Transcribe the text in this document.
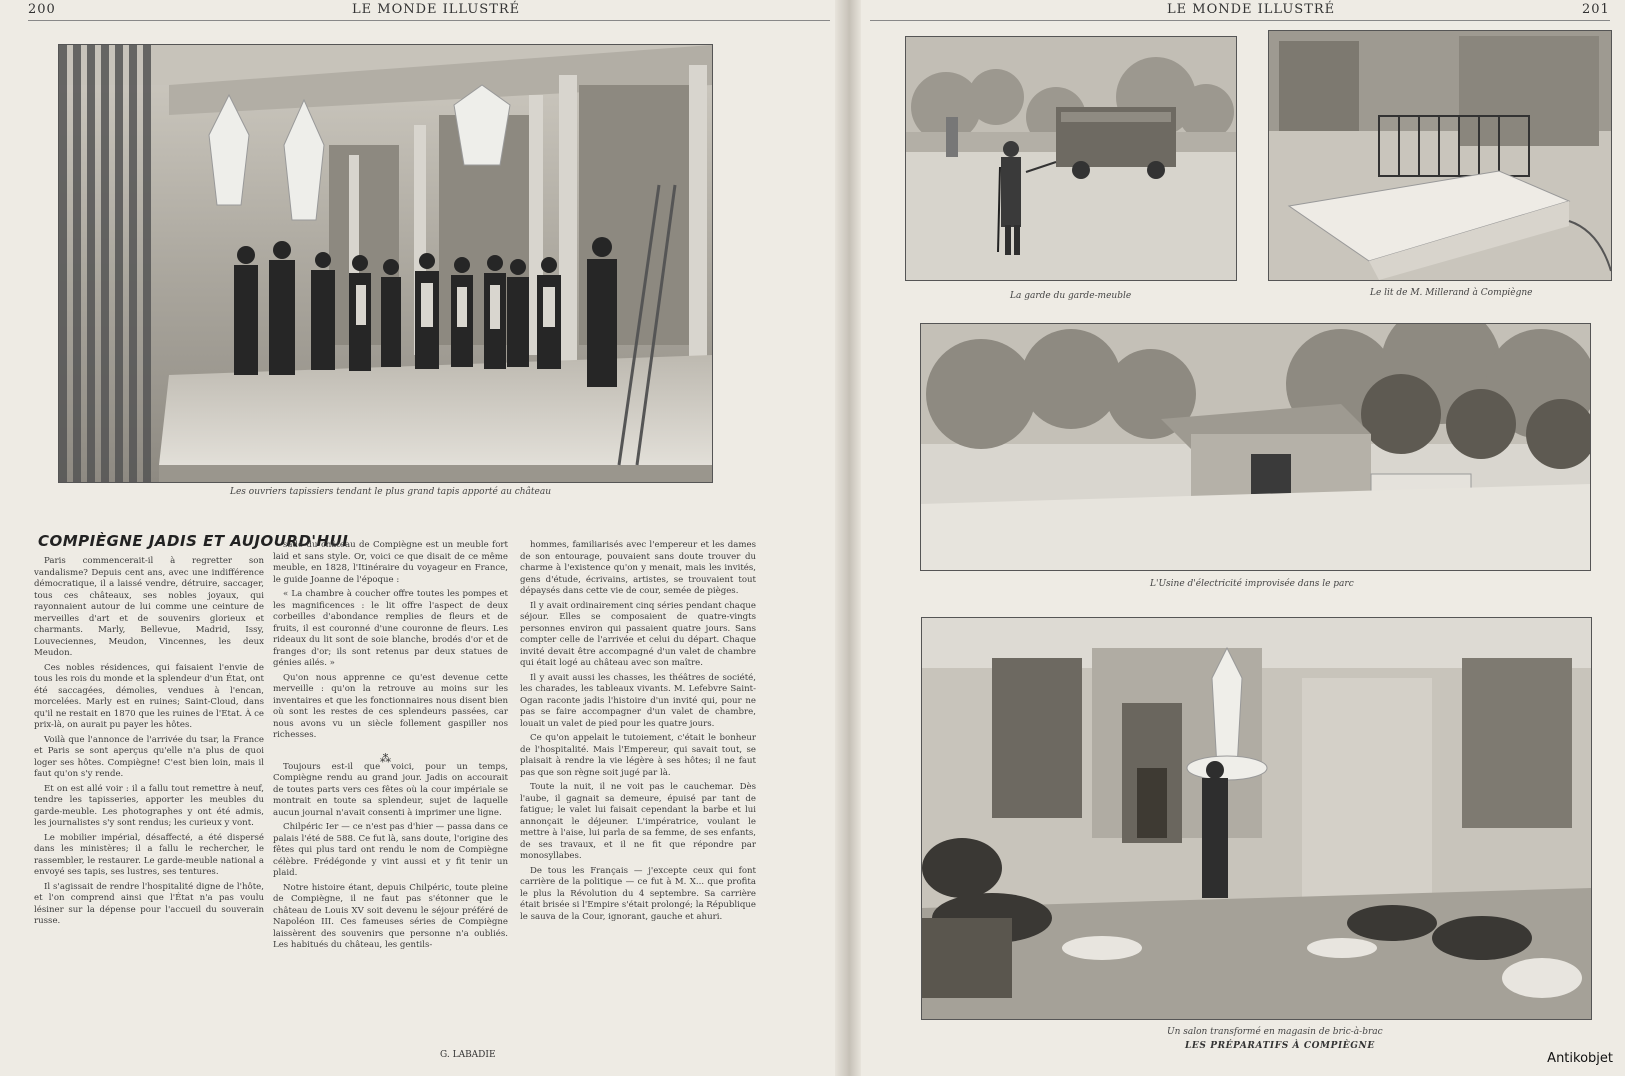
200	LE MONDE ILLUSTRÉ
Les ouvriers tapissiers tendant le plus grand tapis apporté au château
COMPIÈGNE JADIS ET AUJOURD'HUI

Paris commencerait-il à regretter son vandalisme? Depuis cent ans, avec une indifférence démocratique, il a laissé vendre, détruire, saccager, tous ces châteaux, ses nobles joyaux, qui rayonnaient autour de lui comme une ceinture de merveilles d'art et de souvenirs glorieux et charmants. Marly, Bellevue, Madrid, Issy, Louveciennes, Meudon, Vincennes, les deux Meudon.

Ces nobles résidences, qui faisaient l'envie de tous les rois du monde et la splendeur d'un État, ont été saccagées, démolies, vendues à l'encan, morcelées. Marly est en ruines; Saint-Cloud, dans qu'il ne restait en 1870 que les ruines de l'Etat. À ce prix-là, on aurait pu payer les hôtes.

Voilà que l'annonce de l'arrivée du tsar, la France et Paris se sont aperçus qu'elle n'a plus de quoi loger ses hôtes. Compiègne! C'est bien loin, mais il faut qu'on s'y rende.

Et on est allé voir : il a fallu tout remettre à neuf, tendre les tapisseries, apporter les meubles du garde-meuble. Les photographes y ont été admis, les journalistes s'y sont rendus; les curieux y vont.

Le mobilier impérial, désaffecté, a été dispersé dans les ministères; il a fallu le rechercher, le rassembler, le restaurer. Le garde-meuble national a envoyé ses tapis, ses lustres, ses tentures.

Il s'agissait de rendre l'hospitalité digne de l'hôte, et l'on comprend ainsi que l'État n'a pas voulu lésiner sur la dépense pour l'accueil du souverain russe.

sade du château de Compiègne est un meuble fort laid et sans style. Or, voici ce que disait de ce même meuble, en 1828, l'Itinéraire du voyageur en France, le guide Joanne de l'époque :

« La chambre à coucher offre toutes les pompes et les magnificences : le lit offre l'aspect de deux corbeilles d'abondance remplies de fleurs et de fruits, il est couronné d'une couronne de fleurs. Les rideaux du lit sont de soie blanche, brodés d'or et de franges d'or; ils sont retenus par deux statues de génies ailés. »

Qu'on nous apprenne ce qu'est devenue cette merveille : qu'on la retrouve au moins sur les inventaires et que les fonctionnaires nous disent bien où sont les restes de ces splendeurs passées, car nous avons vu un siècle follement gaspiller nos richesses.

Toujours est-il que voici, pour un temps, Compiègne rendu au grand jour. Jadis on accourait de toutes parts vers ces fêtes où la cour impériale se montrait en toute sa splendeur, sujet de laquelle aucun journal n'avait consenti à imprimer une ligne.

Chilpéric Ier — ce n'est pas d'hier — passa dans ce palais l'été de 588. Ce fut là, sans doute, l'origine des fêtes qui plus tard ont rendu le nom de Compiègne célèbre. Frédégonde y vint aussi et y fit tenir un plaid.

Notre histoire étant, depuis Chilpéric, toute pleine de Compiègne, il ne faut pas s'étonner que le château de Louis XV soit devenu le séjour préféré de Napoléon III. Ces fameuses séries de Compiègne laissèrent des souvenirs que personne n'a oubliés. Les habitués du château, les gentils-

⁂

hommes, familiarisés avec l'empereur et les dames de son entourage, pouvaient sans doute trouver du charme à l'existence qu'on y menait, mais les invités, gens d'étude, écrivains, artistes, se trouvaient tout dépaysés dans cette vie de cour, semée de pièges.

Il y avait ordinairement cinq séries pendant chaque séjour. Elles se composaient de quatre-vingts personnes environ qui passaient quatre jours. Sans compter celle de l'arrivée et celui du départ. Chaque invité devait être accompagné d'un valet de chambre qui était logé au château avec son maître.

Il y avait aussi les chasses, les théâtres de société, les charades, les tableaux vivants. M. Lefebvre Saint-Ogan raconte jadis l'histoire d'un invité qui, pour ne pas se faire accompagner d'un valet de chambre, louait un valet de pied pour les quatre jours.

Ce qu'on appelait le tutoiement, c'était le bonheur de l'hospitalité. Mais l'Empereur, qui savait tout, se plaisait à rendre la vie légère à ses hôtes; il ne faut pas que son règne soit jugé par là.

Toute la nuit, il ne voit pas le cauchemar. Dès l'aube, il gagnait sa demeure, épuisé par tant de fatigue; le valet lui faisait cependant la barbe et lui annonçait le déjeuner. L'impératrice, voulant le mettre à l'aise, lui parla de sa femme, de ses enfants, de ses travaux, et il ne fit que répondre par monosyllabes.

De tous les Français — j'excepte ceux qui font carrière de la politique — ce fut à M. X... que profita le plus la Révolution du 4 septembre. Sa carrière était brisée si l'Empire s'était prolongé; la République le sauva de la Cour, ignorant, gauche et ahuri.

G. LABADIE
LE MONDE ILLUSTRÉ	201
La garde du garde-meuble	Le lit de M. Millerand à Compiègne
L'Usine d'électricité improvisée dans le parc
Un salon transformé en magasin de bric-à-brac
LES PRÉPARATIFS À COMPIÈGNE
Antikobjet
